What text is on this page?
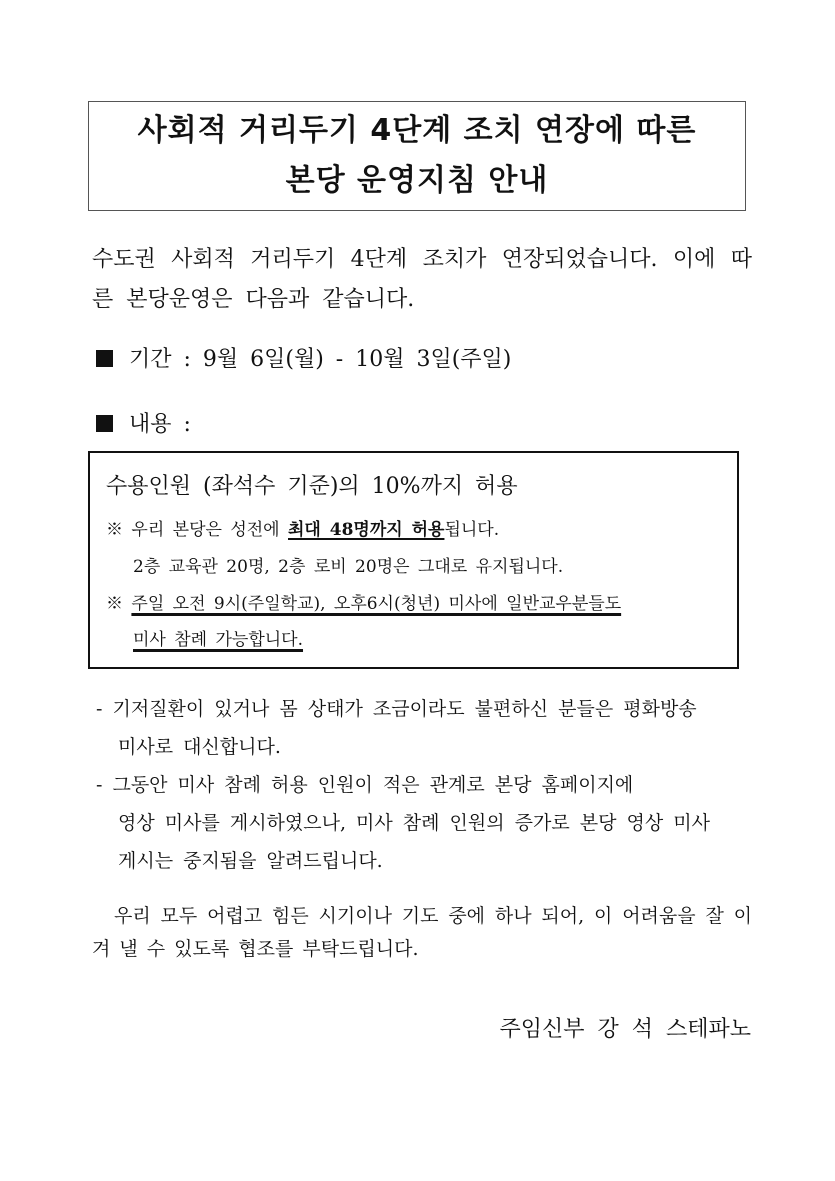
사회적 거리두기 4단계 조치 연장에 따른
본당 운영지침 안내
수도권 사회적 거리두기 4단계 조치가 연장되었습니다. 이에 따른 본당운영은 다음과 같습니다.
기간 : 9월 6일(월) - 10월 3일(주일)
내용 :
수용인원 (좌석수 기준)의 10%까지 허용
※ 우리 본당은 성전에 최대 48명까지 허용됩니다.
2층 교육관 20명, 2층 로비 20명은 그대로 유지됩니다.
※ 주일 오전 9시(주일학교), 오후6시(청년) 미사에 일반교우분들도
미사 참례 가능합니다.
- 기저질환이 있거나 몸 상태가 조금이라도 불편하신 분들은 평화방송
미사로 대신합니다.
- 그동안 미사 참례 허용 인원이 적은 관계로 본당 홈페이지에
영상 미사를 게시하였으나, 미사 참례 인원의 증가로 본당 영상 미사
게시는 중지됨을 알려드립니다.
우리 모두 어렵고 힘든 시기이나 기도 중에 하나 되어, 이 어려움을 잘 이겨 낼 수 있도록 협조를 부탁드립니다.
주임신부 강 석 스테파노
